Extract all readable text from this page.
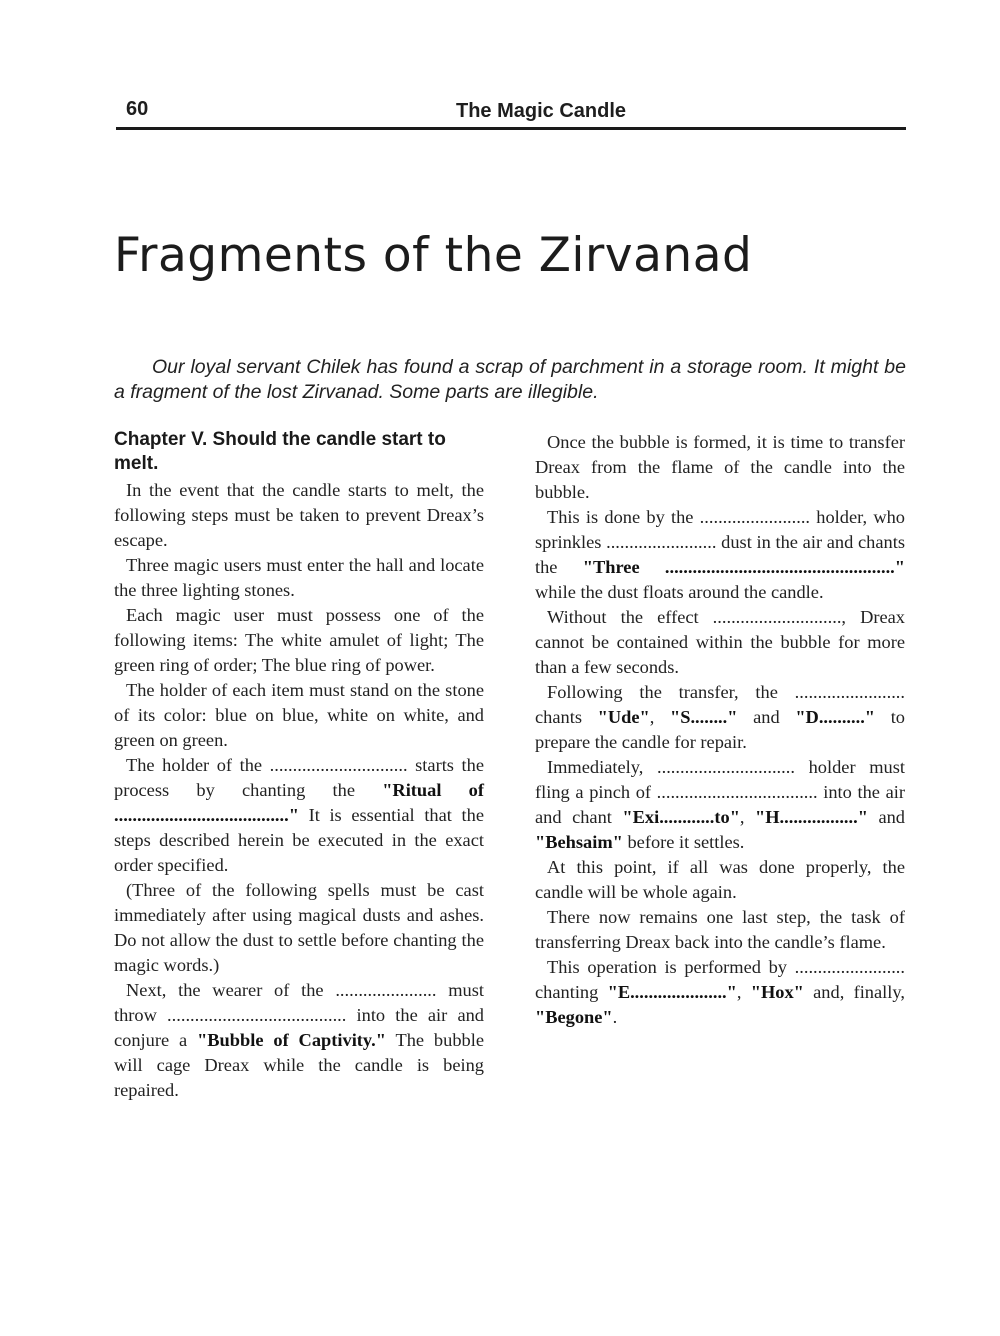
60	The Magic Candle
Fragments of the Zirvanad

Our loyal servant Chilek has found a scrap of parchment in a storage room. It might be a fragment of the lost Zirvanad. Some parts are illegible.

Chapter V. Should the candle start to melt.

In the event that the candle starts to melt, the following steps must be taken to prevent Dreax’s escape.

Three magic users must enter the hall and locate the three lighting stones.

Each magic user must possess one of the following items: The white amulet of light; The green ring of order; The blue ring of power.

The holder of each item must stand on the stone of its color: blue on blue, white on white, and green on green.

The holder of the .............................. starts the process by chanting the "Ritual of ......................................" It is essential that the steps described herein be executed in the exact order specified.

(Three of the following spells must be cast immediately after using magical dusts and ashes. Do not allow the dust to settle before chanting the magic words.)

Next, the wearer of the ...................... must throw ....................................... into the air and conjure a "Bubble of Captivity." The bubble will cage Dreax while the candle is being repaired.

Once the bubble is formed, it is time to transfer Dreax from the flame of the candle into the bubble.

This is done by the ........................ holder, who sprinkles ........................ dust in the air and chants the "Three .................................................." while the dust floats around the candle.

Without the effect ............................, Dreax cannot be contained within the bubble for more than a few seconds.

Following the transfer, the ........................ chants "Ude", "S........" and "D.........." to prepare the candle for repair.

Immediately, .............................. holder must fling a pinch of ................................... into the air and chant "Exi............to", "H................." and "Behsaim" before it settles.

At this point, if all was done properly, the candle will be whole again.

There now remains one last step, the task of transferring Dreax back into the candle’s flame.

This operation is performed by ........................ chanting "E.....................", "Hox" and, finally, "Begone".
